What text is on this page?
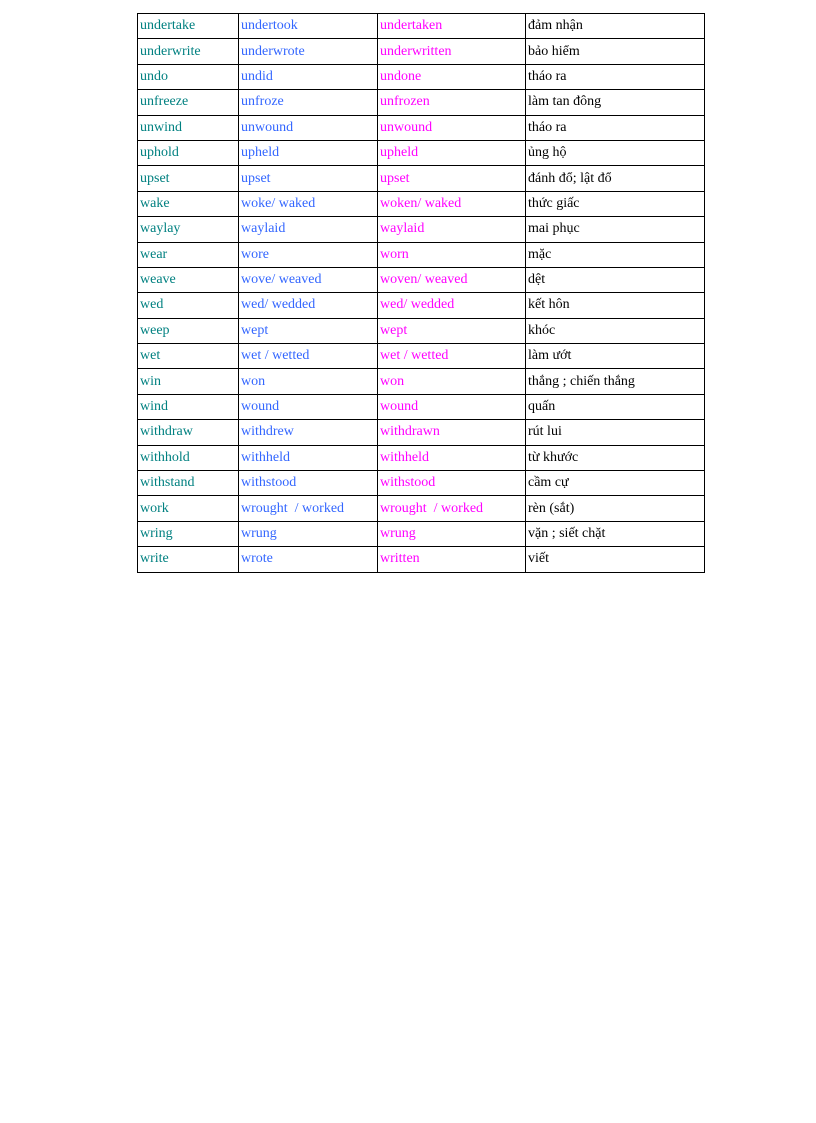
undertake	undertook	undertaken	đảm nhận
underwrite	underwrote	underwritten	bảo hiểm
undo	undid	undone	tháo ra
unfreeze	unfroze	unfrozen	làm tan đông
unwind	unwound	unwound	tháo ra
uphold	upheld	upheld	ủng hộ
upset	upset	upset	đánh đổ; lật đổ
wake	woke/ waked	woken/ waked	thức giấc
waylay	waylaid	waylaid	mai phục
wear	wore	worn	mặc
weave	wove/ weaved	woven/ weaved	dệt
wed	wed/ wedded	wed/ wedded	kết hôn
weep	wept	wept	khóc
wet	wet / wetted	wet / wetted	làm ướt
win	won	won	thắng ; chiến thắng
wind	wound	wound	quấn
withdraw	withdrew	withdrawn	rút lui
withhold	withheld	withheld	từ khước
withstand	withstood	withstood	cầm cự
work	wrought  / worked	wrought  / worked	rèn (sắt)
wring	wrung	wrung	vặn ; siết chặt
write	wrote	written	viết
